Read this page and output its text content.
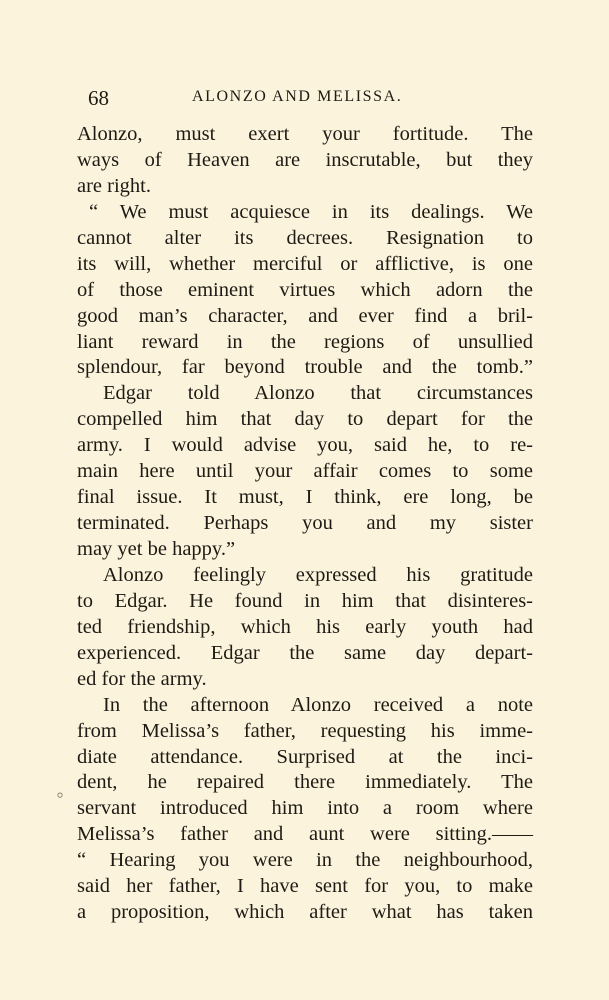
68	ALONZO AND MELISSA.
Alonzo, must exert your fortitude. The
ways of Heaven are inscrutable, but they
are right.
“ We must acquiesce in its dealings. We
cannot alter its decrees. Resignation to
its will, whether merciful or afflictive, is one
of those eminent virtues which adorn the
good man’s character, and ever find a bril-
liant reward in the regions of unsullied
splendour, far beyond trouble and the tomb.”
Edgar told Alonzo that circumstances
compelled him that day to depart for the
army. I would advise you, said he, to re-
main here until your affair comes to some
final issue. It must, I think, ere long, be
terminated. Perhaps you and my sister
may yet be happy.”
Alonzo feelingly expressed his gratitude
to Edgar. He found in him that disinteres-
ted friendship, which his early youth had
experienced. Edgar the same day depart-
ed for the army.
In the afternoon Alonzo received a note
from Melissa’s father, requesting his imme-
diate attendance. Surprised at the inci-
dent, he repaired there immediately. The
servant introduced him into a room where
Melissa’s father and aunt were sitting.——
“ Hearing you were in the neighbourhood,
said her father, I have sent for you, to make
a proposition, which after what has taken
⸰
